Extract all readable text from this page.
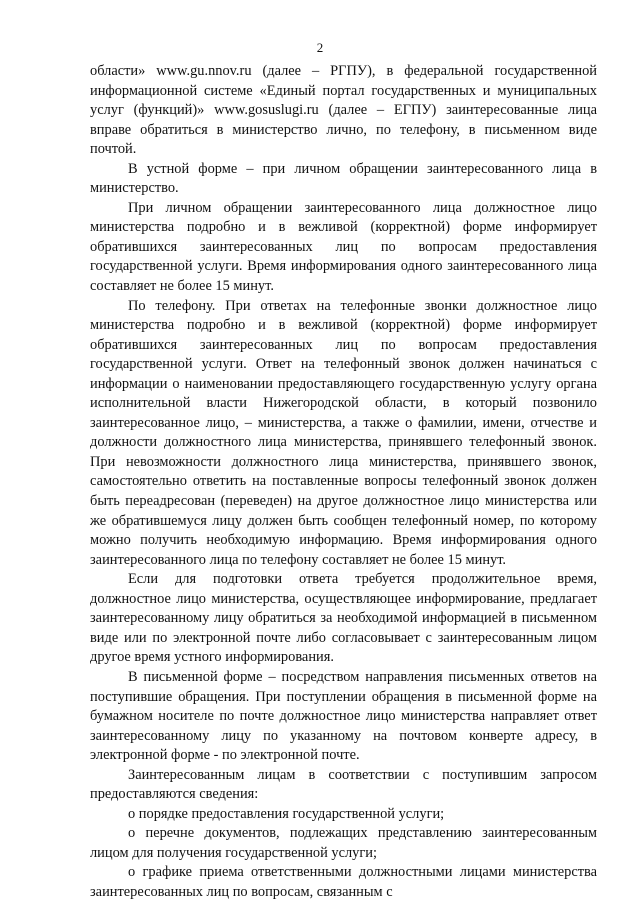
2

области» www.gu.nnov.ru (далее – РГПУ), в федеральной государственной информационной системе «Единый портал государственных и муниципальных услуг (функций)» www.gosuslugi.ru (далее – ЕГПУ) заинтересованные лица вправе обратиться в министерство лично, по телефону, в письменном виде почтой.

В устной форме – при личном обращении заинтересованного лица в министерство.

При личном обращении заинтересованного лица должностное лицо министерства подробно и в вежливой (корректной) форме информирует обратившихся заинтересованных лиц по вопросам предоставления государственной услуги. Время информирования одного заинтересованного лица составляет не более 15 минут.

По телефону. При ответах на телефонные звонки должностное лицо министерства подробно и в вежливой (корректной) форме информирует обратившихся заинтересованных лиц по вопросам предоставления государственной услуги. Ответ на телефонный звонок должен начинаться с информации о наименовании предоставляющего государственную услугу органа исполнительной власти Нижегородской области, в который позвонило заинтересованное лицо, – министерства, а также о фамилии, имени, отчестве и должности должностного лица министерства, принявшего телефонный звонок. При невозможности должностного лица министерства, принявшего звонок, самостоятельно ответить на поставленные вопросы телефонный звонок должен быть переадресован (переведен) на другое должностное лицо министерства или же обратившемуся лицу должен быть сообщен телефонный номер, по которому можно получить необходимую информацию. Время информирования одного заинтересованного лица по телефону составляет не более 15 минут.

Если для подготовки ответа требуется продолжительное время, должностное лицо министерства, осуществляющее информирование, предлагает заинтересованному лицу обратиться за необходимой информацией в письменном виде или по электронной почте либо согласовывает с заинтересованным лицом другое время устного информирования.

В письменной форме – посредством направления письменных ответов на поступившие обращения. При поступлении обращения в письменной форме на бумажном носителе по почте должностное лицо министерства направляет ответ заинтересованному лицу по указанному на почтовом конверте адресу, в электронной форме - по электронной почте.

Заинтересованным лицам в соответствии с поступившим запросом предоставляются сведения:

о порядке предоставления государственной услуги;

о перечне документов, подлежащих представлению заинтересованным лицом для получения государственной услуги;

о графике приема ответственными должностными лицами министерства заинтересованных лиц по вопросам, связанным с
